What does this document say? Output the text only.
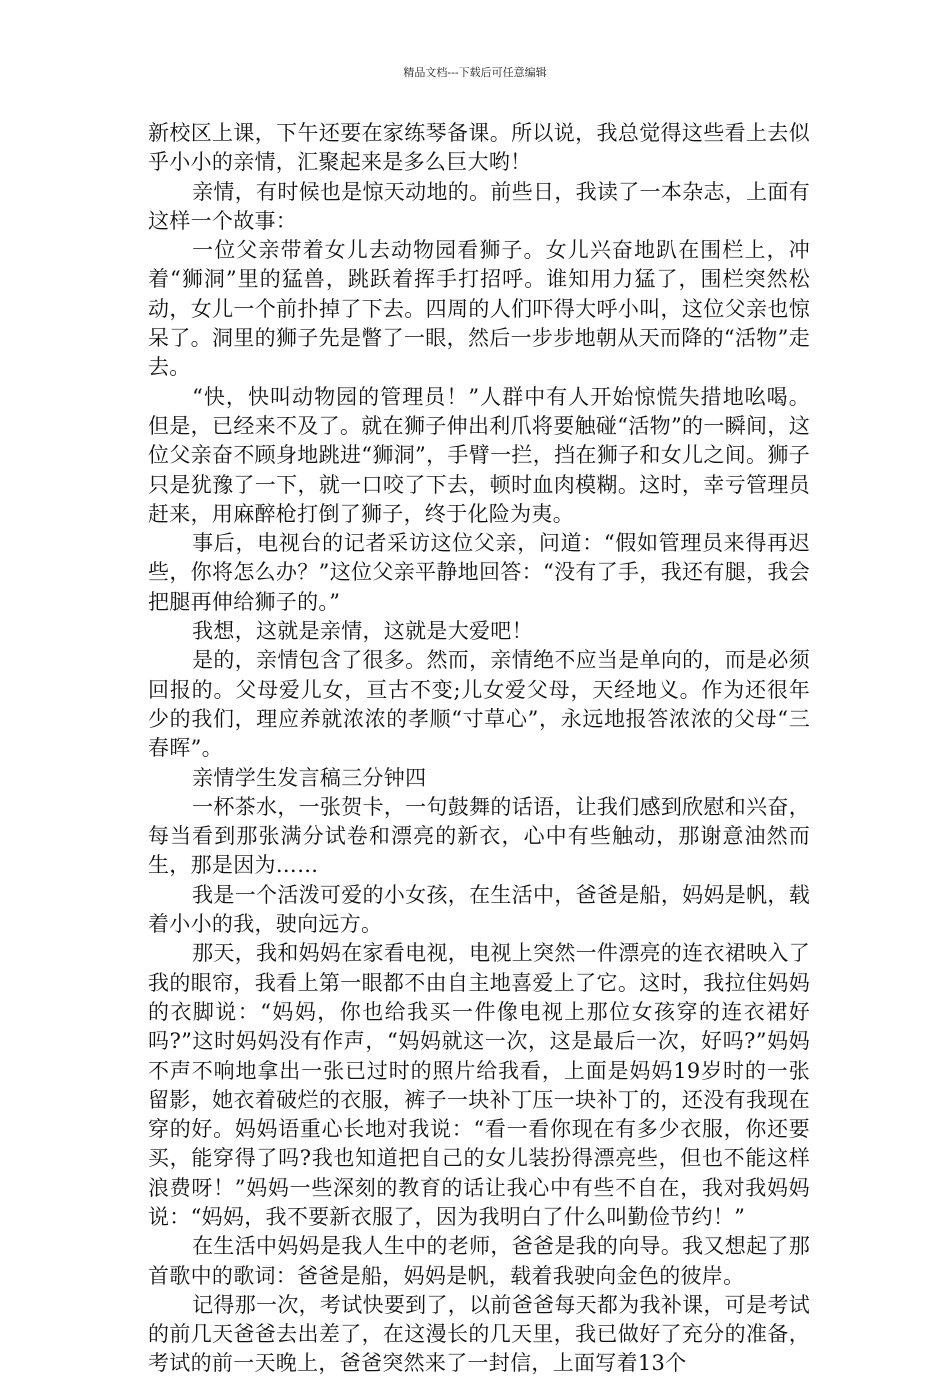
精品文档---下载后可任意编辑

新校区上课，下午还要在家练琴备课。所以说，我总觉得这些看上去似乎小小的亲情，汇聚起来是多么巨大哟！

亲情，有时候也是惊天动地的。前些日，我读了一本杂志，上面有这样一个故事：

一位父亲带着女儿去动物园看狮子。女儿兴奋地趴在围栏上，冲着“狮洞”里的猛兽，跳跃着挥手打招呼。谁知用力猛了，围栏突然松动，女儿一个前扑掉了下去。四周的人们吓得大呼小叫，这位父亲也惊呆了。洞里的狮子先是瞥了一眼，然后一步步地朝从天而降的“活物”走去。

“快，快叫动物园的管理员！”人群中有人开始惊慌失措地吆喝。但是，已经来不及了。就在狮子伸出利爪将要触碰“活物”的一瞬间，这位父亲奋不顾身地跳进“狮洞”，手臂一拦，挡在狮子和女儿之间。狮子只是犹豫了一下，就一口咬了下去，顿时血肉模糊。这时，幸亏管理员赶来，用麻醉枪打倒了狮子，终于化险为夷。

事后，电视台的记者采访这位父亲，问道：“假如管理员来得再迟些，你将怎么办？”这位父亲平静地回答：“没有了手，我还有腿，我会把腿再伸给狮子的。”

我想，这就是亲情，这就是大爱吧！

是的，亲情包含了很多。然而，亲情绝不应当是单向的，而是必须回报的。父母爱儿女，亘古不变;儿女爱父母，天经地义。作为还很年少的我们，理应养就浓浓的孝顺“寸草心”，永远地报答浓浓的父母“三春晖”。

亲情学生发言稿三分钟四

一杯茶水，一张贺卡，一句鼓舞的话语，让我们感到欣慰和兴奋，每当看到那张满分试卷和漂亮的新衣，心中有些触动，那谢意油然而生，那是因为……

我是一个活泼可爱的小女孩，在生活中，爸爸是船，妈妈是帆，载着小小的我，驶向远方。

那天，我和妈妈在家看电视，电视上突然一件漂亮的连衣裙映入了我的眼帘，我看上第一眼都不由自主地喜爱上了它。这时，我拉住妈妈的衣脚说：“妈妈，你也给我买一件像电视上那位女孩穿的连衣裙好吗?”这时妈妈没有作声，“妈妈就这一次，这是最后一次，好吗?”妈妈不声不响地拿出一张已过时的照片给我看，上面是妈妈19岁时的一张留影，她衣着破烂的衣服，裤子一块补丁压一块补丁的，还没有我现在穿的好。妈妈语重心长地对我说：“看一看你现在有多少衣服，你还要买，能穿得了吗?我也知道把自己的女儿装扮得漂亮些，但也不能这样浪费呀！”妈妈一些深刻的教育的话让我心中有些不自在，我对我妈妈说：“妈妈，我不要新衣服了，因为我明白了什么叫勤俭节约！”

在生活中妈妈是我人生中的老师，爸爸是我的向导。我又想起了那首歌中的歌词：爸爸是船，妈妈是帆，载着我驶向金色的彼岸。

记得那一次，考试快要到了，以前爸爸每天都为我补课，可是考试的前几天爸爸去出差了，在这漫长的几天里，我已做好了充分的准备，考试的前一天晚上，爸爸突然来了一封信，上面写着13个
